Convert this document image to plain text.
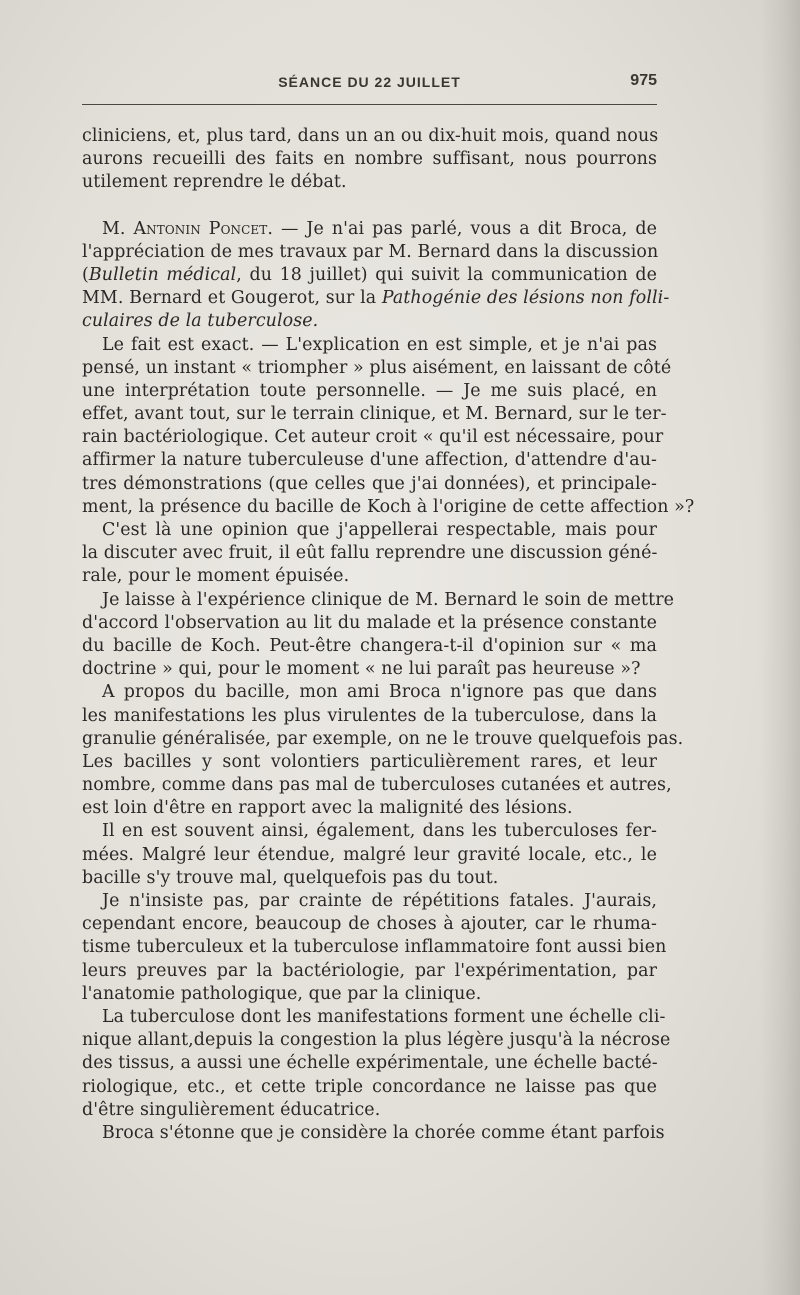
SÉANCE DU 22 JUILLET	975
cliniciens, et, plus tard, dans un an ou dix-huit mois, quand nous
aurons recueilli des faits en nombre suffisant, nous pourrons
utilement reprendre le débat.
M. Antonin Poncet. — Je n'ai pas parlé, vous a dit Broca, de
l'appréciation de mes travaux par M. Bernard dans la discussion
(Bulletin médical, du 18 juillet) qui suivit la communication de
MM. Bernard et Gougerot, sur la Pathogénie des lésions non folli-
culaires de la tuberculose.
Le fait est exact. — L'explication en est simple, et je n'ai pas
pensé, un instant « triompher » plus aisément, en laissant de côté
une interprétation toute personnelle. — Je me suis placé, en
effet, avant tout, sur le terrain clinique, et M. Bernard, sur le ter-
rain bactériologique. Cet auteur croit « qu'il est nécessaire, pour
affirmer la nature tuberculeuse d'une affection, d'attendre d'au-
tres démonstrations (que celles que j'ai données), et principale-
ment, la présence du bacille de Koch à l'origine de cette affection »?
C'est là une opinion que j'appellerai respectable, mais pour
la discuter avec fruit, il eût fallu reprendre une discussion géné-
rale, pour le moment épuisée.
Je laisse à l'expérience clinique de M. Bernard le soin de mettre
d'accord l'observation au lit du malade et la présence constante
du bacille de Koch. Peut-être changera-t-il d'opinion sur « ma
doctrine » qui, pour le moment « ne lui paraît pas heureuse »?
A propos du bacille, mon ami Broca n'ignore pas que dans
les manifestations les plus virulentes de la tuberculose, dans la
granulie généralisée, par exemple, on ne le trouve quelquefois pas.
Les bacilles y sont volontiers particulièrement rares, et leur
nombre, comme dans pas mal de tuberculoses cutanées et autres,
est loin d'être en rapport avec la malignité des lésions.
Il en est souvent ainsi, également, dans les tuberculoses fer-
mées. Malgré leur étendue, malgré leur gravité locale, etc., le
bacille s'y trouve mal, quelquefois pas du tout.
Je n'insiste pas, par crainte de répétitions fatales. J'aurais,
cependant encore, beaucoup de choses à ajouter, car le rhuma-
tisme tuberculeux et la tuberculose inflammatoire font aussi bien
leurs preuves par la bactériologie, par l'expérimentation, par
l'anatomie pathologique, que par la clinique.
La tuberculose dont les manifestations forment une échelle cli-
nique allant,depuis la congestion la plus légère jusqu'à la nécrose
des tissus, a aussi une échelle expérimentale, une échelle bacté-
riologique, etc., et cette triple concordance ne laisse pas que
d'être singulièrement éducatrice.
Broca s'étonne que je considère la chorée comme étant parfois
